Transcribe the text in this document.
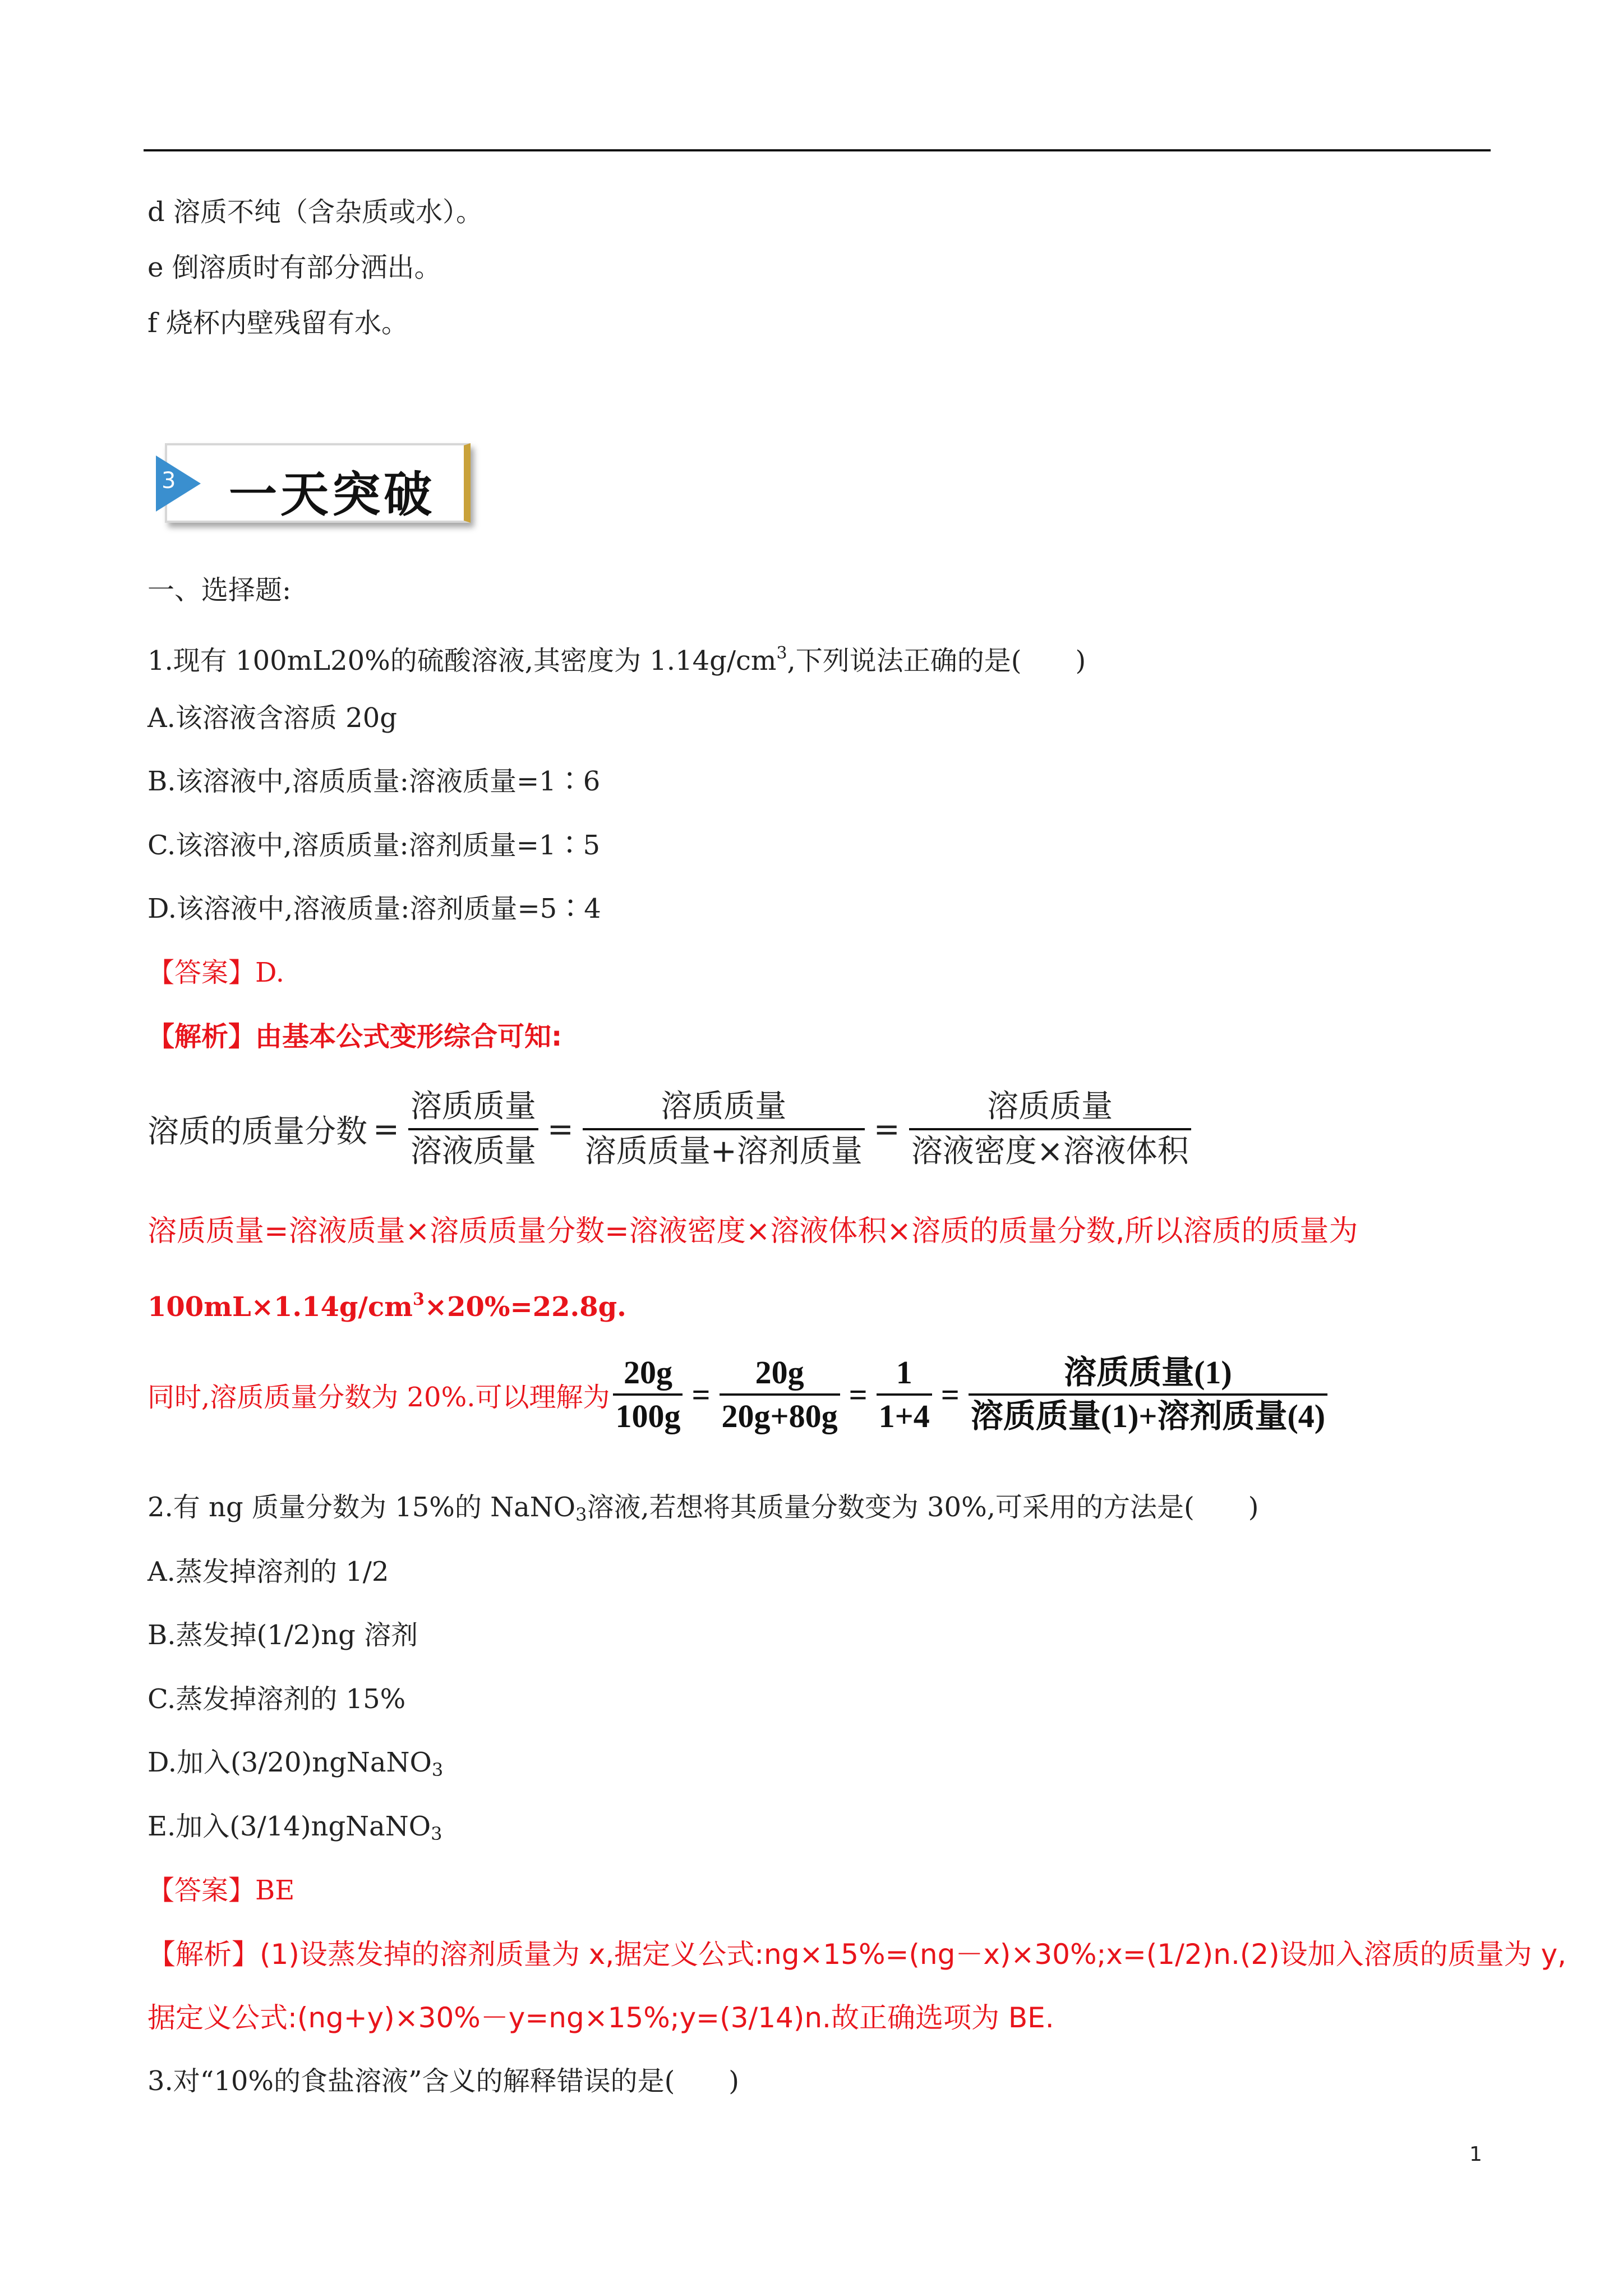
d 溶质不纯（含杂质或水）。
e 倒溶质时有部分洒出。
f 烧杯内壁残留有水。
3 一天突破
一、选择题:
1.现有 100mL20%的硫酸溶液,其密度为 $1.14g/cm^3$,下列说法正确的是(　　)
A.该溶液含溶质 20g
B.该溶液中,溶质质量:溶液质量=1∶6
C.该溶液中,溶质质量:溶剂质量=1∶5
D.该溶液中,溶液质量:溶剂质量=5∶4
【答案】D.
【解析】由基本公式变形综合可知:
溶质的质量分数 = $\frac{\text{溶质质量}}{\text{溶液质量}} = \frac{\text{溶质质量}}{\text{溶质质量+溶剂质量}} = \frac{\text{溶质质量}}{\text{溶液密度×溶液体积}}$
溶质质量=溶液质量×溶质质量分数=溶液密度×溶液体积×溶质的质量分数,所以溶质的质量为
$100mL\times 1.14g/cm^3\times 20\%=22.8g$.
同时,溶质质量分数为 20%.可以理解为 $\frac{20g}{100g} = \frac{20g}{20g+80g} = \frac{1}{1+4} = \frac{\text{溶质质量(1)}}{\text{溶质质量(1)+溶剂质量(4)}}$
2.有 ng 质量分数为 15%的 NaNO$_3$溶液,若想将其质量分数变为 30%,可采用的方法是(　　)
A.蒸发掉溶剂的 1/2
B.蒸发掉(1/2)ng 溶剂
C.蒸发掉溶剂的 15%
D.加入(3/20)ngNaNO$_3$
E.加入(3/14)ngNaNO$_3$
【答案】BE
【解析】(1)设蒸发掉的溶剂质量为 x,据定义公式:ng×15%=(ng－x)×30%;x=(1/2)n.(2)设加入溶质的质量为 y,
据定义公式:(ng+y)×30%－y=ng×15%;y=(3/14)n.故正确选项为 BE.
3.对“10%的食盐溶液”含义的解释错误的是(　　)
1
